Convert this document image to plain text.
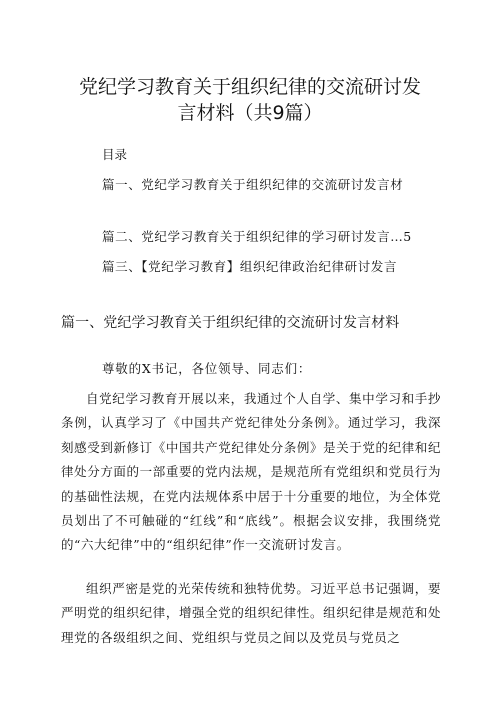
党纪学习教育关于组织纪律的交流研讨发
言材料（共9篇）
目录
篇一、党纪学习教育关于组织纪律的交流研讨发言材
篇二、党纪学习教育关于组织纪律的学习研讨发言…5
篇三、【党纪学习教育】组织纪律政治纪律研讨发言
篇一、党纪学习教育关于组织纪律的交流研讨发言材料
尊敬的X书记，各位领导、同志们：
自党纪学习教育开展以来，我通过个人自学、集中学习和手抄条例，认真学习了《中国共产党纪律处分条例》。通过学习，我深刻感受到新修订《中国共产党纪律处分条例》是关于党的纪律和纪律处分方面的一部重要的党内法规，是规范所有党组织和党员行为的基础性法规，在党内法规体系中居于十分重要的地位，为全体党员划出了不可触碰的“红线”和“底线”。根据会议安排，我围绕党的“六大纪律”中的“组织纪律”作一交流研讨发言。
组织严密是党的光荣传统和独特优势。习近平总书记强调，要严明党的组织纪律，增强全党的组织纪律性。组织纪律是规范和处理党的各级组织之间、党组织与党员之间以及党员与党员之
